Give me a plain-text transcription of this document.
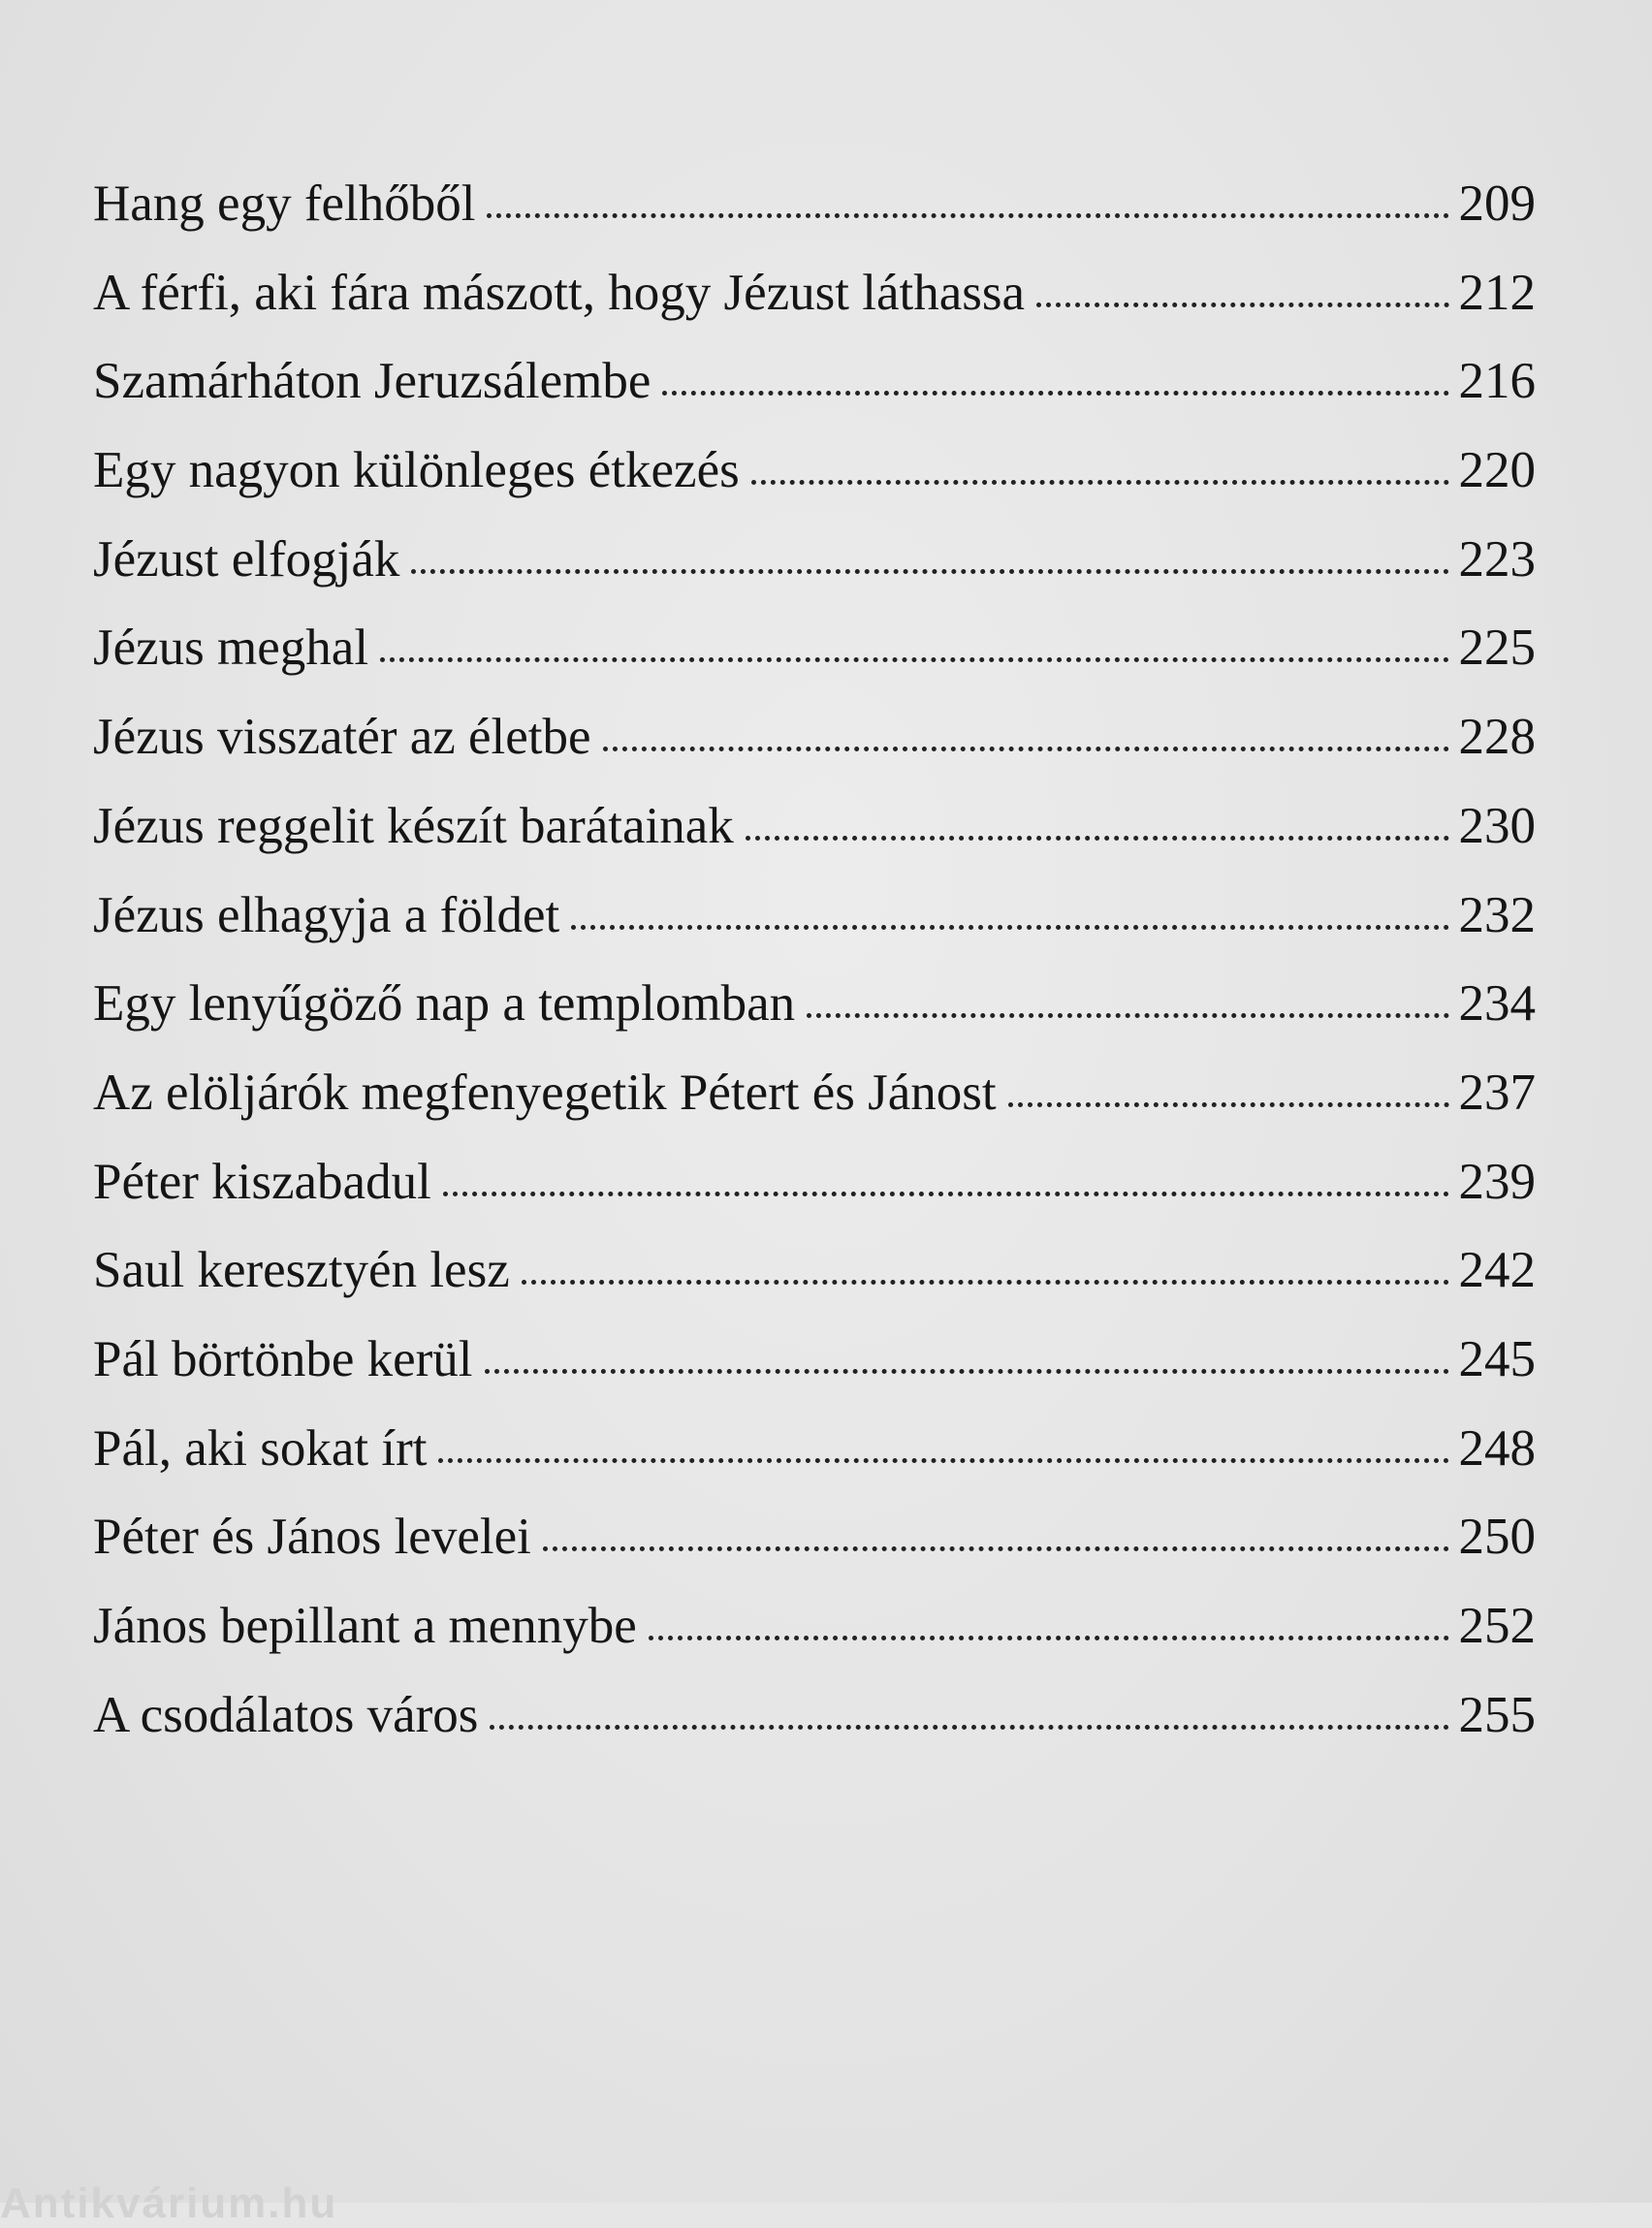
Hang egy felhőből	209
A férfi, aki fára mászott, hogy Jézust láthassa	212
Szamárháton Jeruzsálembe	216
Egy nagyon különleges étkezés	220
Jézust elfogják	223
Jézus meghal	225
Jézus visszatér az életbe	228
Jézus reggelit készít barátainak	230
Jézus elhagyja a földet	232
Egy lenyűgöző nap a templomban	234
Az elöljárók megfenyegetik Pétert és Jánost	237
Péter kiszabadul	239
Saul keresztyén lesz	242
Pál börtönbe kerül	245
Pál, aki sokat írt	248
Péter és János levelei	250
János bepillant a mennybe	252
A csodálatos város	255
Antikvárium.hu
